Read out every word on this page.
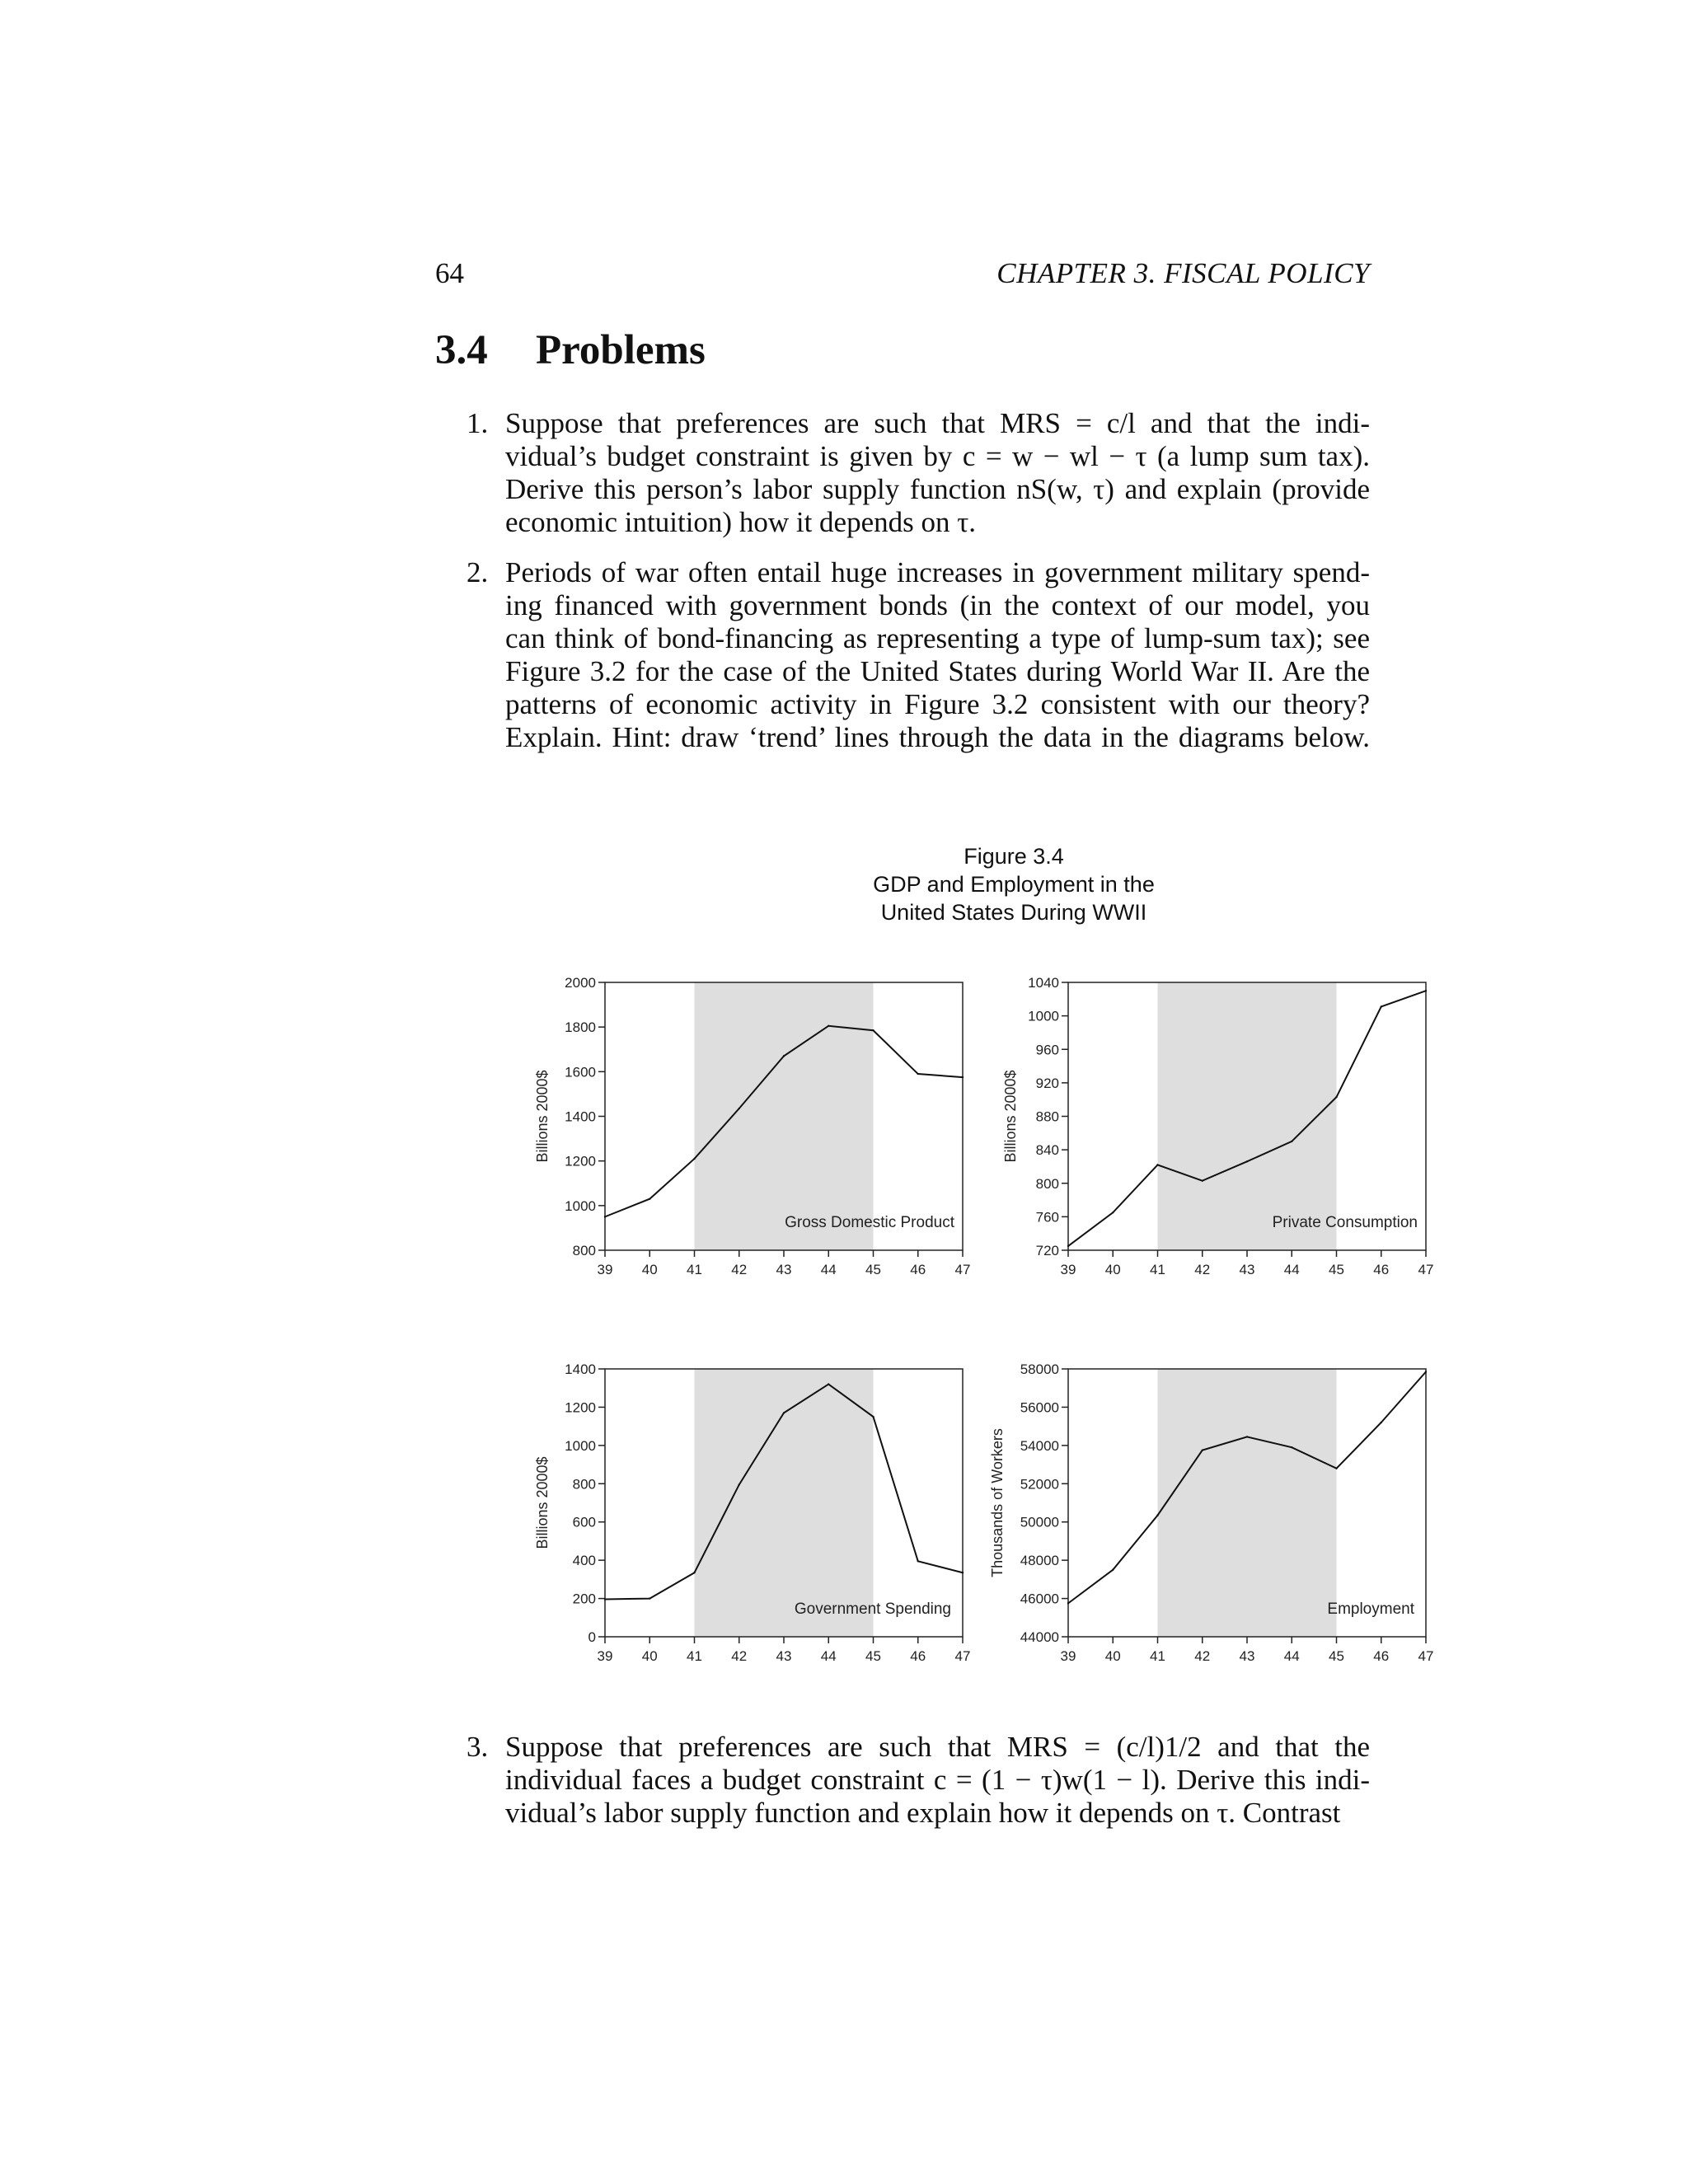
64	CHAPTER 3. FISCAL POLICY
3.4 Problems
1. Suppose that preferences are such that MRS = c/l and that the indi-
vidual’s budget constraint is given by c = w − wl − τ (a lump sum tax).
Derive this person’s labor supply function nS(w, τ) and explain (provide
economic intuition) how it depends on τ.
2. Periods of war often entail huge increases in government military spend-
ing financed with government bonds (in the context of our model, you
can think of bond-financing as representing a type of lump-sum tax); see
Figure 3.2 for the case of the United States during World War II. Are the
patterns of economic activity in Figure 3.2 consistent with our theory?
Explain. Hint: draw ‘trend’ lines through the data in the diagrams below.
Figure 3.4
GDP and Employment in the
United States During WWII
800
1000
1200
1400
1600
1800
2000
39 40 41 42 43 44 45 46 47
Gross Domestic Product
Billions 2000$
720
760
800
840
880
920
960
1000
1040
39 40 41 42 43 44 45 46 47
Private Consumption
Billions 2000$
0
200
400
600
800
1000
1200
1400
39 40 41 42 43 44 45 46 47
Government Spending
Billions 2000$
44000
46000
48000
50000
52000
54000
56000
58000
39 40 41 42 43 44 45 46 47
Employment
Thousands of Workers
3. Suppose that preferences are such that MRS = (c/l)1/2 and that the
individual faces a budget constraint c = (1 − τ)w(1 − l). Derive this indi-
vidual’s labor supply function and explain how it depends on τ. Contrast
